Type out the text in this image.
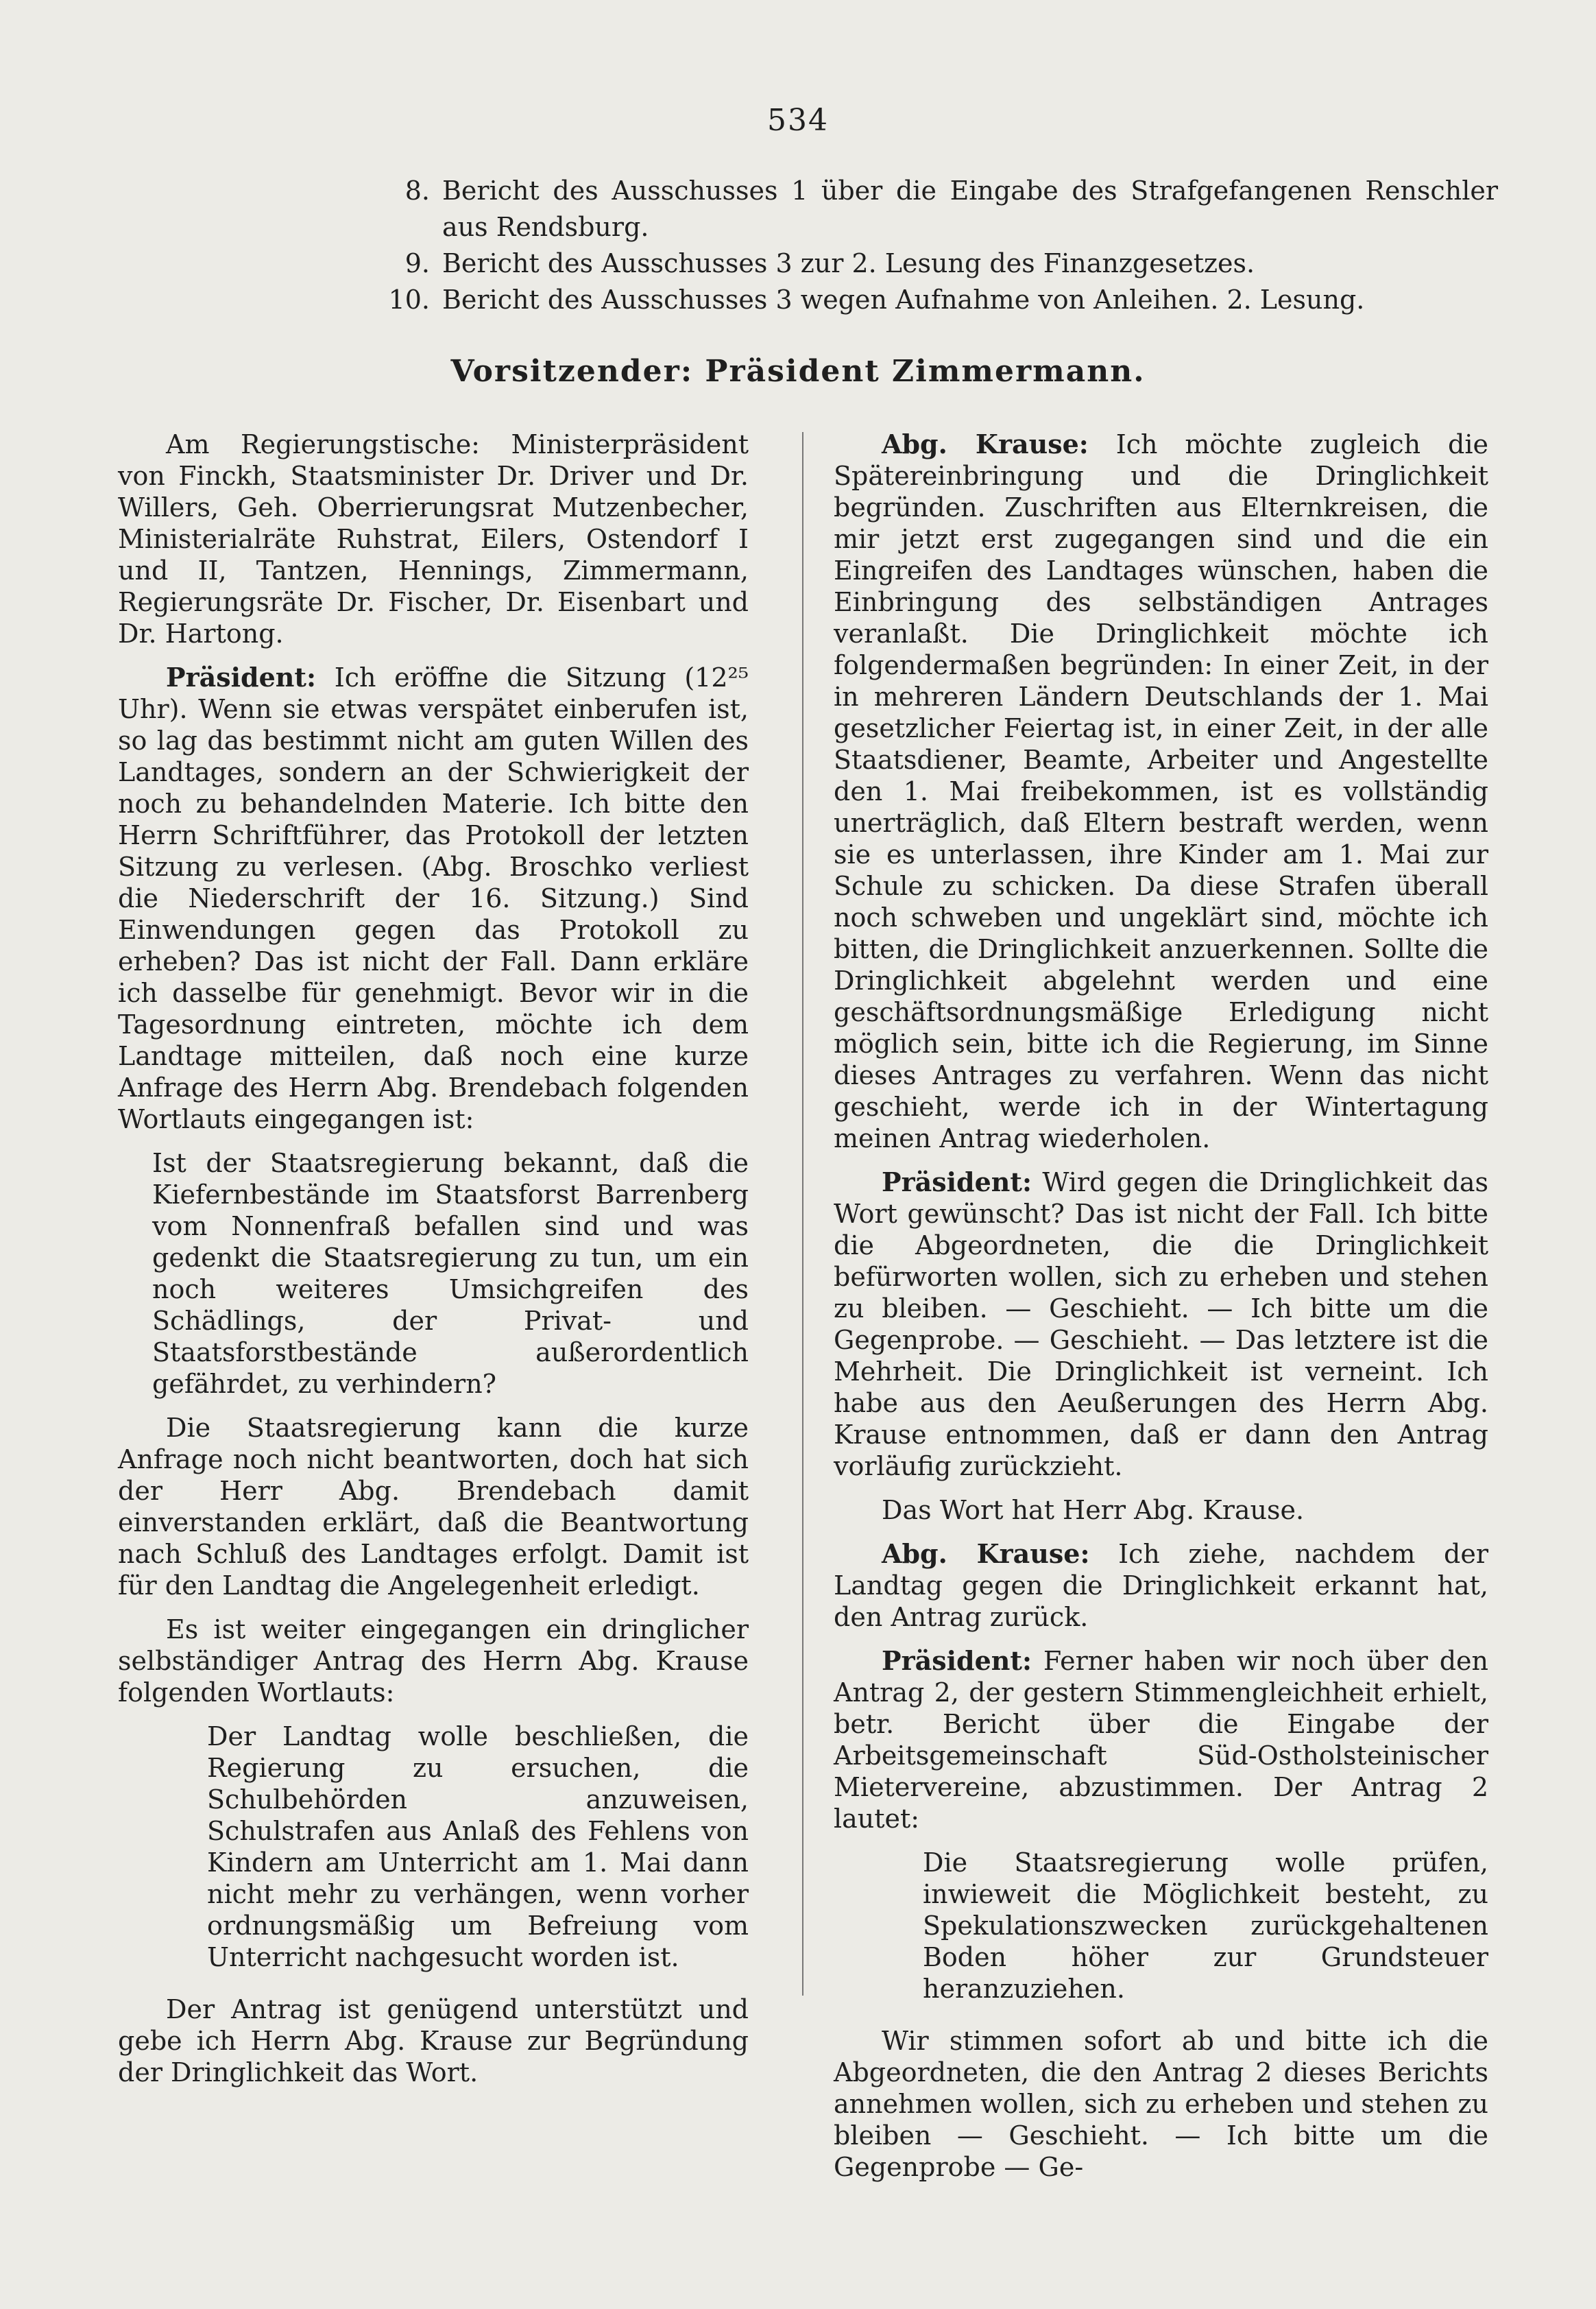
534
8. Bericht des Ausschusses 1 über die Eingabe des Strafgefangenen Renschler aus Rendsburg.
9. Bericht des Ausschusses 3 zur 2. Lesung des Finanzgesetzes.
10. Bericht des Ausschusses 3 wegen Aufnahme von Anleihen. 2. Lesung.
Vorsitzender: Präsident Zimmermann.

Am Regierungstische: Ministerpräsident von Finckh, Staatsminister Dr. Driver und Dr. Willers, Geh. Oberrierungsrat Mutzenbecher, Ministerialräte Ruhstrat, Eilers, Ostendorf I und II, Tantzen, Hennings, Zimmermann, Regierungsräte Dr. Fischer, Dr. Eisenbart und Dr. Hartong.

Präsident: Ich eröffne die Sitzung (12²⁵ Uhr). Wenn sie etwas verspätet einberufen ist, so lag das bestimmt nicht am guten Willen des Landtages, sondern an der Schwierigkeit der noch zu behandelnden Materie. Ich bitte den Herrn Schriftführer, das Protokoll der letzten Sitzung zu verlesen. (Abg. Broschko verliest die Niederschrift der 16. Sitzung.) Sind Einwendungen gegen das Protokoll zu erheben? Das ist nicht der Fall. Dann erkläre ich dasselbe für genehmigt. Bevor wir in die Tagesordnung eintreten, möchte ich dem Landtage mitteilen, daß noch eine kurze Anfrage des Herrn Abg. Brendebach folgenden Wortlauts eingegangen ist:

Ist der Staatsregierung bekannt, daß die Kiefernbestände im Staatsforst Barrenberg vom Nonnenfraß befallen sind und was gedenkt die Staatsregierung zu tun, um ein noch weiteres Umsichgreifen des Schädlings, der Privat- und Staatsforstbestände außerordentlich gefährdet, zu verhindern?

Die Staatsregierung kann die kurze Anfrage noch nicht beantworten, doch hat sich der Herr Abg. Brendebach damit einverstanden erklärt, daß die Beantwortung nach Schluß des Landtages erfolgt. Damit ist für den Landtag die Angelegenheit erledigt.

Es ist weiter eingegangen ein dringlicher selbständiger Antrag des Herrn Abg. Krause folgenden Wortlauts:

Der Landtag wolle beschließen, die Regierung zu ersuchen, die Schulbehörden anzuweisen, Schulstrafen aus Anlaß des Fehlens von Kindern am Unterricht am 1. Mai dann nicht mehr zu verhängen, wenn vorher ordnungsmäßig um Befreiung vom Unterricht nachgesucht worden ist.

Der Antrag ist genügend unterstützt und gebe ich Herrn Abg. Krause zur Begründung der Dringlichkeit das Wort.

Abg. Krause: Ich möchte zugleich die Spätereinbringung und die Dringlichkeit begründen. Zuschriften aus Elternkreisen, die mir jetzt erst zugegangen sind und die ein Eingreifen des Landtages wünschen, haben die Einbringung des selbständigen Antrages veranlaßt. Die Dringlichkeit möchte ich folgendermaßen begründen: In einer Zeit, in der in mehreren Ländern Deutschlands der 1. Mai gesetzlicher Feiertag ist, in einer Zeit, in der alle Staatsdiener, Beamte, Arbeiter und Angestellte den 1. Mai freibekommen, ist es vollständig unerträglich, daß Eltern bestraft werden, wenn sie es unterlassen, ihre Kinder am 1. Mai zur Schule zu schicken. Da diese Strafen überall noch schweben und ungeklärt sind, möchte ich bitten, die Dringlichkeit anzuerkennen. Sollte die Dringlichkeit abgelehnt werden und eine geschäftsordnungsmäßige Erledigung nicht möglich sein, bitte ich die Regierung, im Sinne dieses Antrages zu verfahren. Wenn das nicht geschieht, werde ich in der Wintertagung meinen Antrag wiederholen.

Präsident: Wird gegen die Dringlichkeit das Wort gewünscht? Das ist nicht der Fall. Ich bitte die Abgeordneten, die die Dringlichkeit befürworten wollen, sich zu erheben und stehen zu bleiben. — Geschieht. — Ich bitte um die Gegenprobe. — Geschieht. — Das letztere ist die Mehrheit. Die Dringlichkeit ist verneint. Ich habe aus den Aeußerungen des Herrn Abg. Krause entnommen, daß er dann den Antrag vorläufig zurückzieht.

Das Wort hat Herr Abg. Krause.

Abg. Krause: Ich ziehe, nachdem der Landtag gegen die Dringlichkeit erkannt hat, den Antrag zurück.

Präsident: Ferner haben wir noch über den Antrag 2, der gestern Stimmengleichheit erhielt, betr. Bericht über die Eingabe der Arbeitsgemeinschaft Süd-Ostholsteinischer Mietervereine, abzustimmen. Der Antrag 2 lautet:

Die Staatsregierung wolle prüfen, inwieweit die Möglichkeit besteht, zu Spekulationszwecken zurückgehaltenen Boden höher zur Grundsteuer heranzuziehen.

Wir stimmen sofort ab und bitte ich die Abgeordneten, die den Antrag 2 dieses Berichts annehmen wollen, sich zu erheben und stehen zu bleiben — Geschieht. — Ich bitte um die Gegenprobe — Ge-
